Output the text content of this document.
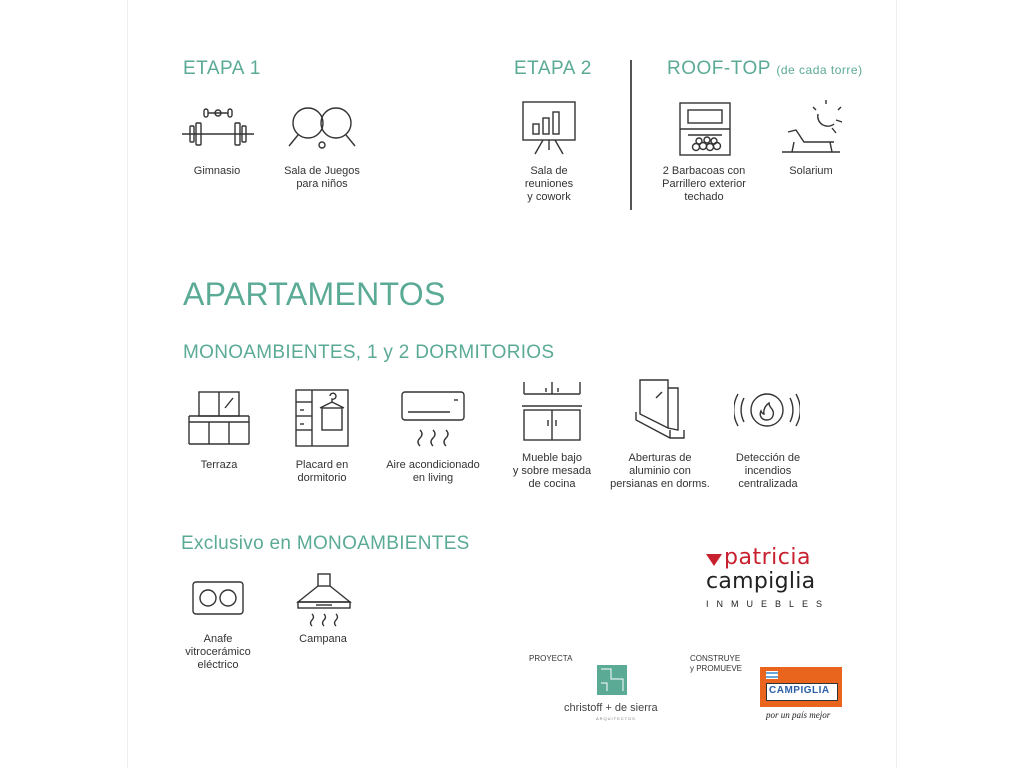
ETAPA 1	ETAPA 2	ROOF-TOP (de cada torre)
Gimnasio	Sala de Juegos
para niños
Sala de reuniones
y cowork
2 Barbacoas con
Parrillero exterior
techado
Solarium
APARTAMENTOS
MONOAMBIENTES, 1 y 2 DORMITORIOS
Terraza	Placard en
dormitorio
Aire acondicionado
en living
Mueble bajo
y sobre mesada
de cocina
Aberturas de
aluminio con
persianas en dorms.
Detección de
incendios
centralizada
Exclusivo en MONOAMBIENTES
Anafe
vitrocerámico
eléctrico
Campana
patricia
campiglia
INMUEBLES
PROYECTA	CONSTRUYE
y PROMUEVE
christoff + de sierra
ARQUITECTOS
CAMPIGLIA
por un país mejor
